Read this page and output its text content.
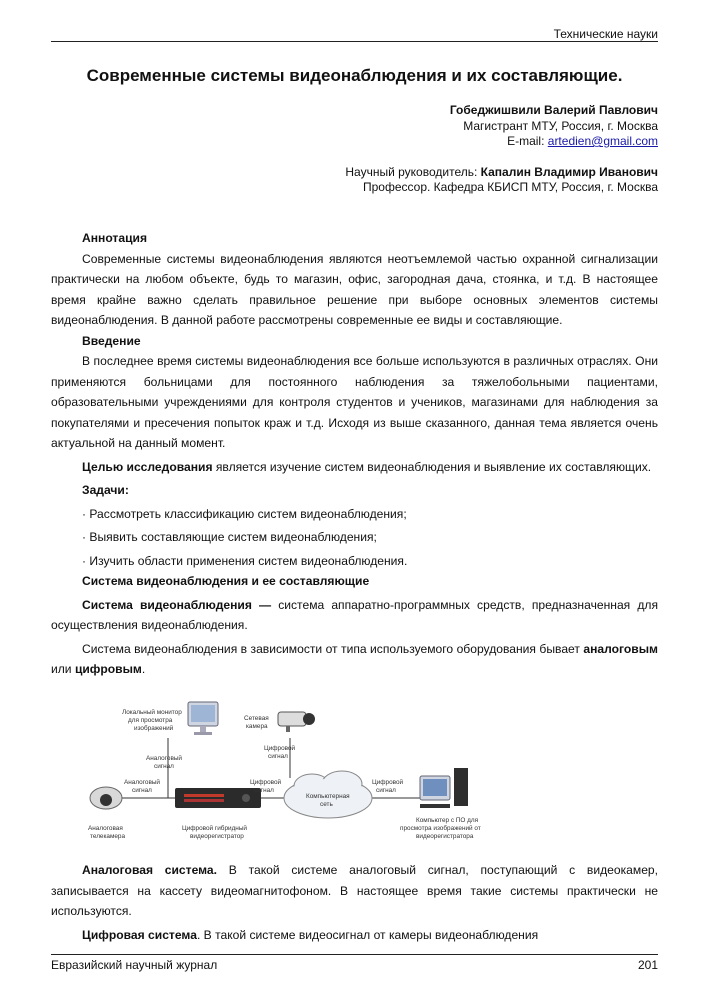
Технические науки
Современные системы видеонаблюдения и их составляющие.
Гобеджишвили Валерий Павлович
Магистрант МТУ, Россия, г. Москва
E-mail: artedien@gmail.com
Научный руководитель: Капалин Владимир Иванович
Профессор. Кафедра КБИСП МТУ, Россия, г. Москва

Аннотация

Современные системы видеонаблюдения являются неотъемлемой частью охранной сигнализации практически на любом объекте, будь то магазин, офис, загородная дача, стоянка, и т.д. В настоящее время крайне важно сделать правильное решение при выборе основных элементов системы видеонаблюдения. В данной работе рассмотрены современные ее виды и составляющие.

Введение

В последнее время системы видеонаблюдения все больше используются в различных отраслях. Они применяются больницами для постоянного наблюдения за тяжелобольными пациентами, образовательными учреждениями для контроля студентов и учеников, магазинами для наблюдения за покупателями и пресечения попыток краж и т.д. Исходя из выше сказанного, данная тема является очень актуальной на данный момент.

Целью исследования является изучение систем видеонаблюдения и выявление их составляющих.

Задачи:

· Рассмотреть классификацию систем видеонаблюдения;

· Выявить составляющие систем видеонаблюдения;

· Изучить области применения систем видеонаблюдения.

Система видеонаблюдения и ее составляющие

Система видеонаблюдения — система аппаратно-программных средств, предназначенная для осуществления видеонаблюдения.

Система видеонаблюдения в зависимости от типа используемого оборудования бывает аналоговым или цифровым.

Локальный монитор
для просмотра
изображений
Аналоговый
сигнал
Сетевая
камера
Цифровой
сигнал
Аналоговый
сигнал
Аналоговая
телекамера
Цифровой гибридный
видеорегистратор
Цифровой
сигнал
Компьютерная
сеть
Цифровой
сигнал
Компьютер с ПО для
просмотра изображений от
видеорегистратора

Аналоговая система. В такой системе аналоговый сигнал, поступающий с видеокамер, записывается на кассету видеомагнитофоном. В настоящее время такие системы практически не используются.

Цифровая система. В такой системе видеосигнал от камеры видеонаблюдения

Евразийский научный журнал	201
